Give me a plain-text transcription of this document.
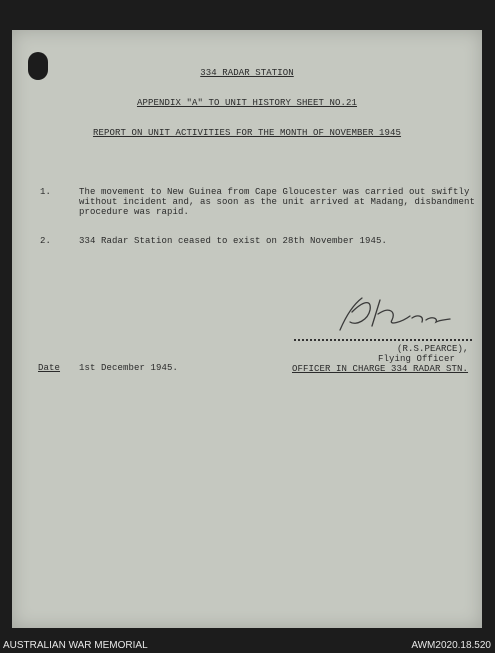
334 RADAR STATION
APPENDIX "A" TO UNIT HISTORY SHEET NO.21
REPORT ON UNIT ACTIVITIES FOR THE MONTH OF NOVEMBER 1945
1.	The movement to New Guinea from Cape Gloucester was carried out swiftly without incident and, as soon as the unit arrived at Madang, disbandment procedure was rapid.
2.	334 Radar Station ceased to exist on 28th November 1945.
(R.S.PEARCE),
Flying Officer
OFFICER IN CHARGE 334 RADAR STN.
Date 1st December 1945.
AUSTRALIAN WAR MEMORIAL	AWM2020.18.520
